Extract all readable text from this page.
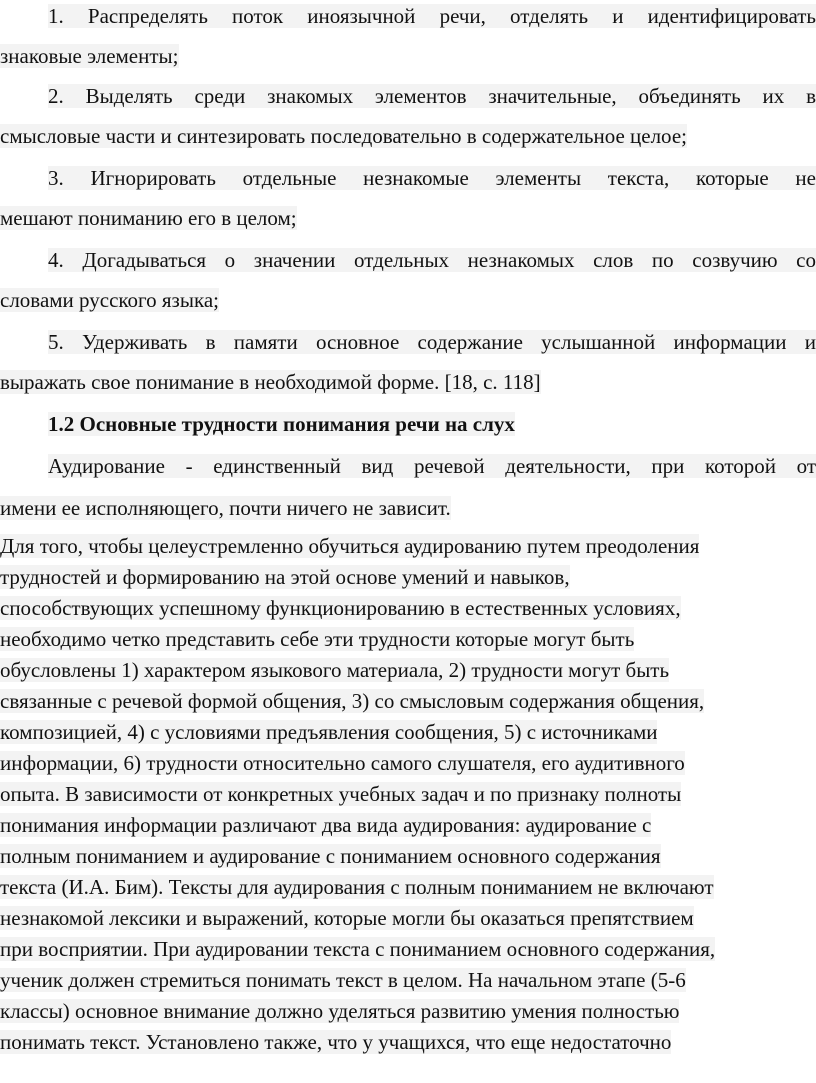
1. Распределять поток иноязычной речи, отделять и идентифицировать
знаковые элементы;
2. Выделять среди знакомых элементов значительные, объединять их в
смысловые части и синтезировать последовательно в содержательное целое;
3. Игнорировать отдельные незнакомые элементы текста, которые не
мешают пониманию его в целом;
4. Догадываться о значении отдельных незнакомых слов по созвучию со
словами русского языка;
5. Удерживать в памяти основное содержание услышанной информации и
выражать свое понимание в необходимой форме. [18, с. 118]
1.2 Основные трудности понимания речи на слух
Аудирование - единственный вид речевой деятельности, при которой от
имени ее исполняющего, почти ничего не зависит.
Для того, чтобы целеустремленно обучиться аудированию путем преодоления
трудностей и формированию на этой основе умений и навыков,
способствующих успешному функционированию в естественных условиях,
необходимо четко представить себе эти трудности которые могут быть
обусловлены 1) характером языкового материала, 2) трудности могут быть
связанные с речевой формой общения, 3) со смысловым содержания общения,
композицией, 4) с условиями предъявления сообщения, 5) с источниками
информации, 6) трудности относительно самого слушателя, его аудитивного
опыта. В зависимости от конкретных учебных задач и по признаку полноты
понимания информации различают два вида аудирования: аудирование с
полным пониманием и аудирование с пониманием основного содержания
текста (И.А. Бим). Тексты для аудирования с полным пониманием не включают
незнакомой лексики и выражений, которые могли бы оказаться препятствием
при восприятии. При аудировании текста с пониманием основного содержания,
ученик должен стремиться понимать текст в целом. На начальном этапе (5-6
классы) основное внимание должно уделяться развитию умения полностью
понимать текст. Установлено также, что у учащихся, что еще недостаточно
